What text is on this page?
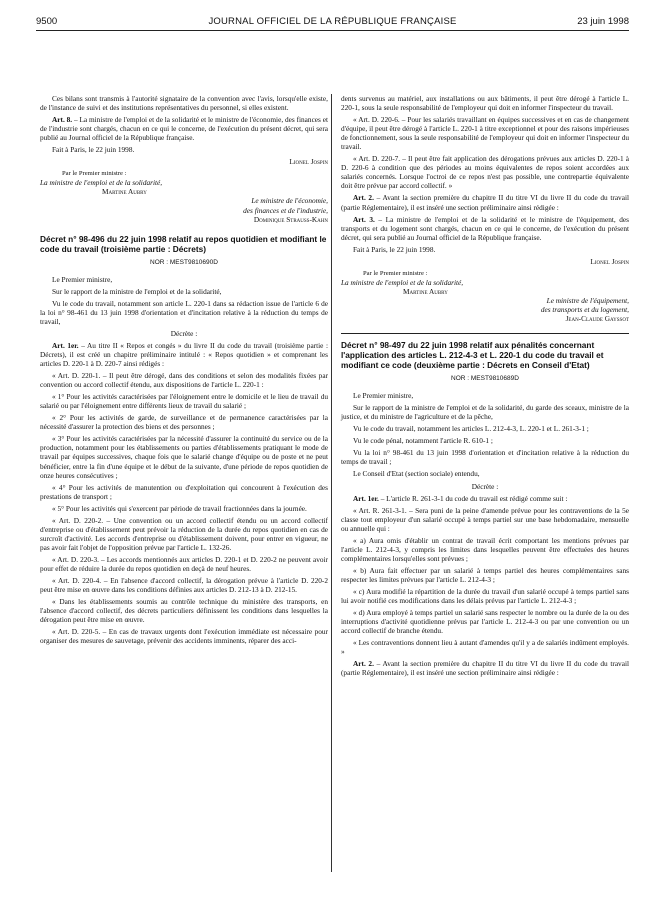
9500	JOURNAL OFFICIEL DE LA RÉPUBLIQUE FRANÇAISE	23 juin 1998

Ces bilans sont transmis à l'autorité signataire de la convention avec l'avis, lorsqu'elle existe, de l'instance de suivi et des institutions représentatives du personnel, si elles existent.

Art. 8. – La ministre de l'emploi et de la solidarité et le ministre de l'économie, des finances et de l'industrie sont chargés, chacun en ce qui le concerne, de l'exécution du présent décret, qui sera publié au Journal officiel de la République française.

Fait à Paris, le 22 juin 1998.

Lionel Jospin

Par le Premier ministre :

La ministre de l'emploi et de la solidarité,

Martine Aubry

Le ministre de l'économie,

des finances et de l'industrie,

Dominique Strauss-Kahn

Décret n° 98-496 du 22 juin 1998 relatif au repos quotidien et modifiant le code du travail (troisième partie : Décrets)

NOR : MEST9810690D

Le Premier ministre,

Sur le rapport de la ministre de l'emploi et de la solidarité,

Vu le code du travail, notamment son article L. 220-1 dans sa rédaction issue de l'article 6 de la loi n° 98-461 du 13 juin 1998 d'orientation et d'incitation relative à la réduction du temps de travail,

Décrète :

Art. 1er. – Au titre II « Repos et congés » du livre II du code du travail (troisième partie : Décrets), il est créé un chapitre préliminaire intitulé : « Repos quotidien » et comprenant les articles D. 220-1 à D. 220-7 ainsi rédigés :

« Art. D. 220-1. – Il peut être dérogé, dans des conditions et selon des modalités fixées par convention ou accord collectif étendu, aux dispositions de l'article L. 220-1 :

« 1° Pour les activités caractérisées par l'éloignement entre le domicile et le lieu de travail du salarié ou par l'éloignement entre différents lieux de travail du salarié ;

« 2° Pour les activités de garde, de surveillance et de permanence caractérisées par la nécessité d'assurer la protection des biens et des personnes ;

« 3° Pour les activités caractérisées par la nécessité d'assurer la continuité du service ou de la production, notamment pour les établissements ou parties d'établissements pratiquant le mode de travail par équipes successives, chaque fois que le salarié change d'équipe ou de poste et ne peut bénéficier, entre la fin d'une équipe et le début de la suivante, d'une période de repos quotidien de onze heures consécutives ;

« 4° Pour les activités de manutention ou d'exploitation qui concourent à l'exécution des prestations de transport ;

« 5° Pour les activités qui s'exercent par période de travail fractionnées dans la journée.

« Art. D. 220-2. – Une convention ou un accord collectif étendu ou un accord collectif d'entreprise ou d'établissement peut prévoir la réduction de la durée du repos quotidien en cas de surcroît d'activité. Les accords d'entreprise ou d'établissement doivent, pour entrer en vigueur, ne pas avoir fait l'objet de l'opposition prévue par l'article L. 132-26.

« Art. D. 220-3. – Les accords mentionnés aux articles D. 220-1 et D. 220-2 ne peuvent avoir pour effet de réduire la durée du repos quotidien en deçà de neuf heures.

« Art. D. 220-4. – En l'absence d'accord collectif, la dérogation prévue à l'article D. 220-2 peut être mise en œuvre dans les conditions définies aux articles D. 212-13 à D. 212-15.

« Dans les établissements soumis au contrôle technique du ministère des transports, en l'absence d'accord collectif, des décrets particuliers définissent les conditions dans lesquelles la dérogation peut être mise en œuvre.

« Art. D. 220-5. – En cas de travaux urgents dont l'exécution immédiate est nécessaire pour organiser des mesures de sauvetage, prévenir des accidents imminents, réparer des acci-

dents survenus au matériel, aux installations ou aux bâtiments, il peut être dérogé à l'article L. 220-1, sous la seule responsabilité de l'employeur qui doit en informer l'inspecteur du travail.

« Art. D. 220-6. – Pour les salariés travaillant en équipes successives et en cas de changement d'équipe, il peut être dérogé à l'article L. 220-1 à titre exceptionnel et pour des raisons impérieuses de fonctionnement, sous la seule responsabilité de l'employeur qui doit en informer l'inspecteur du travail.

« Art. D. 220-7. – Il peut être fait application des dérogations prévues aux articles D. 220-1 à D. 220-6 à condition que des périodes au moins équivalentes de repos soient accordées aux salariés concernés. Lorsque l'octroi de ce repos n'est pas possible, une contrepartie équivalente doit être prévue par accord collectif. »

Art. 2. – Avant la section première du chapitre II du titre VI du livre II du code du travail (partie Réglementaire), il est inséré une section préliminaire ainsi rédigée :

Art. 3. – La ministre de l'emploi et de la solidarité et le ministre de l'équipement, des transports et du logement sont chargés, chacun en ce qui le concerne, de l'exécution du présent décret, qui sera publié au Journal officiel de la République française.

Fait à Paris, le 22 juin 1998.

Lionel Jospin

Par le Premier ministre :

La ministre de l'emploi et de la solidarité,

Martine Aubry

Le ministre de l'équipement,

des transports et du logement,

Jean-Claude Gayssot

Décret n° 98-497 du 22 juin 1998 relatif aux pénalités concernant l'application des articles L. 212-4-3 et L. 220-1 du code du travail et modifiant ce code (deuxième partie : Décrets en Conseil d'Etat)

NOR : MEST9810689D

Le Premier ministre,

Sur le rapport de la ministre de l'emploi et de la solidarité, du garde des sceaux, ministre de la justice, et du ministre de l'agriculture et de la pêche,

Vu le code du travail, notamment les articles L. 212-4-3, L. 220-1 et L. 261-3-1 ;

Vu le code pénal, notamment l'article R. 610-1 ;

Vu la loi n° 98-461 du 13 juin 1998 d'orientation et d'incitation relative à la réduction du temps de travail ;

Le Conseil d'Etat (section sociale) entendu,

Décrète :

Art. 1er. – L'article R. 261-3-1 du code du travail est rédigé comme suit :

« Art. R. 261-3-1. – Sera puni de la peine d'amende prévue pour les contraventions de la 5e classe tout employeur d'un salarié occupé à temps partiel sur une base hebdomadaire, mensuelle ou annuelle qui :

« a) Aura omis d'établir un contrat de travail écrit comportant les mentions prévues par l'article L. 212-4-3, y compris les limites dans lesquelles peuvent être effectuées des heures complémentaires lorsqu'elles sont prévues ;

« b) Aura fait effectuer par un salarié à temps partiel des heures complémentaires sans respecter les limites prévues par l'article L. 212-4-3 ;

« c) Aura modifié la répartition de la durée du travail d'un salarié occupé à temps partiel sans lui avoir notifié ces modifications dans les délais prévus par l'article L. 212-4-3 ;

« d) Aura employé à temps partiel un salarié sans respecter le nombre ou la durée de la ou des interruptions d'activité quotidienne prévus par l'article L. 212-4-3 ou par une convention ou un accord collectif de branche étendu.

« Les contraventions donnent lieu à autant d'amendes qu'il y a de salariés indûment employés. »

Art. 2. – Avant la section première du chapitre II du titre VI du livre II du code du travail (partie Réglementaire), il est inséré une section préliminaire ainsi rédigée :
